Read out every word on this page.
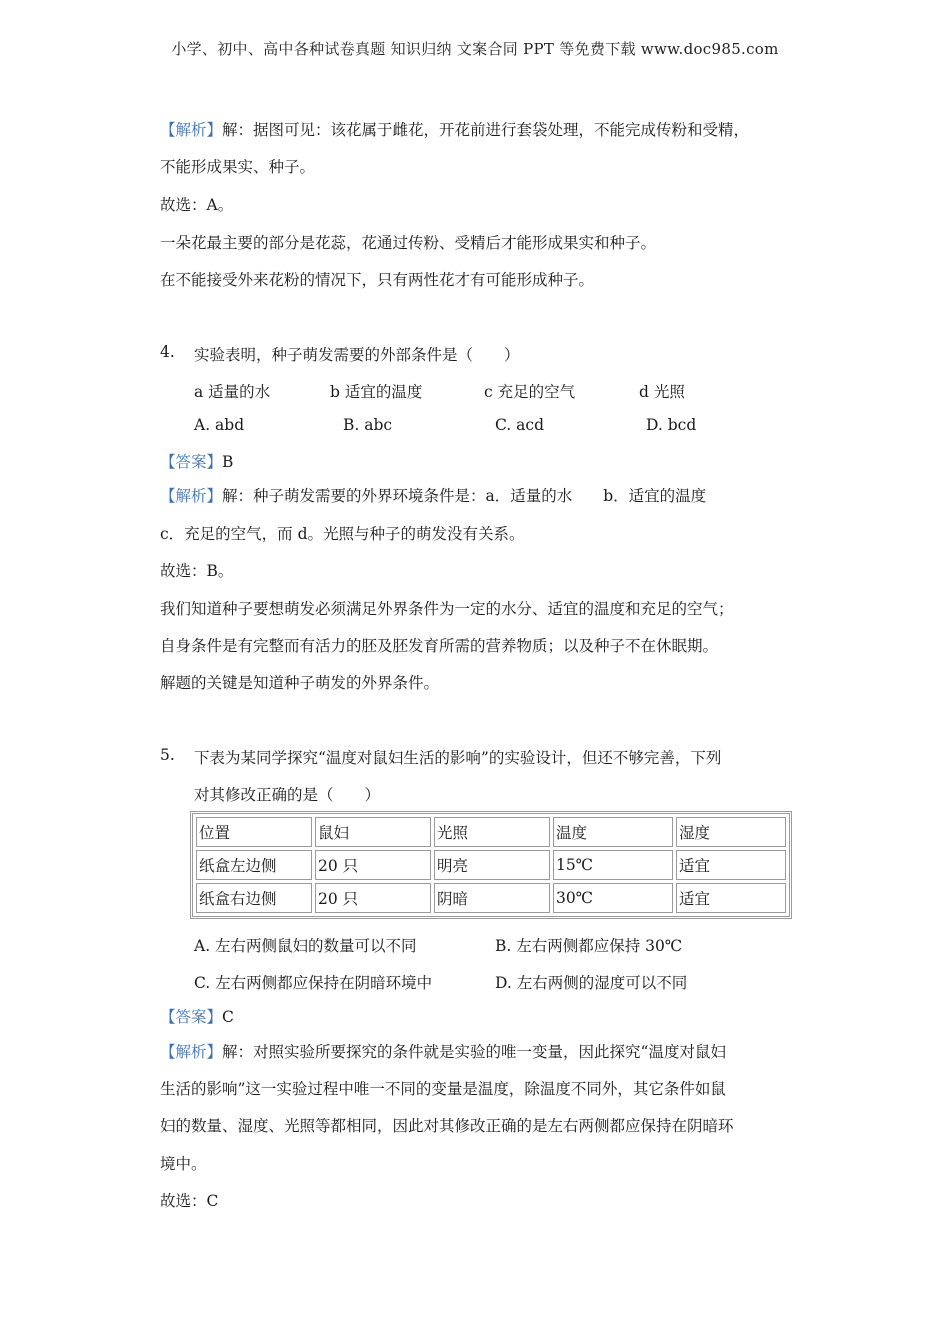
小学、初中、高中各种试卷真题 知识归纳 文案合同 PPT 等免费下载 www.doc985.com
【解析】解：据图可见：该花属于雌花，开花前进行套袋处理，不能完成传粉和受精，
不能形成果实、种子。
故选：A。
一朵花最主要的部分是花蕊，花通过传粉、受精后才能形成果实和种子。
在不能接受外来花粉的情况下，只有两性花才有可能形成种子。
4. 实验表明，种子萌发需要的外部条件是（　　）
a 适量的水	b 适宜的温度	c 充足的空气	d 光照
A. abd	B. abc	C. acd	D. bcd
【答案】B
【解析】解：种子萌发需要的外界环境条件是：a．适量的水　　b．适宜的温度
c．充足的空气，而 d。光照与种子的萌发没有关系。
故选：B。
我们知道种子要想萌发必须满足外界条件为一定的水分、适宜的温度和充足的空气；
自身条件是有完整而有活力的胚及胚发育所需的营养物质；以及种子不在休眠期。
解题的关键是知道种子萌发的外界条件。
5. 下表为某同学探究“温度对鼠妇生活的影响”的实验设计，但还不够完善，下列
对其修改正确的是（　　）
位置	鼠妇	光照	温度	湿度
纸盒左边侧	20 只	明亮	15℃	适宜
纸盒右边侧	20 只	阴暗	30℃	适宜
A. 左右两侧鼠妇的数量可以不同	B. 左右两侧都应保持 30℃
C. 左右两侧都应保持在阴暗环境中	D. 左右两侧的湿度可以不同
【答案】C
【解析】解：对照实验所要探究的条件就是实验的唯一变量，因此探究“温度对鼠妇
生活的影响”这一实验过程中唯一不同的变量是温度，除温度不同外，其它条件如鼠
妇的数量、湿度、光照等都相同，因此对其修改正确的是左右两侧都应保持在阴暗环
境中。
故选：C
